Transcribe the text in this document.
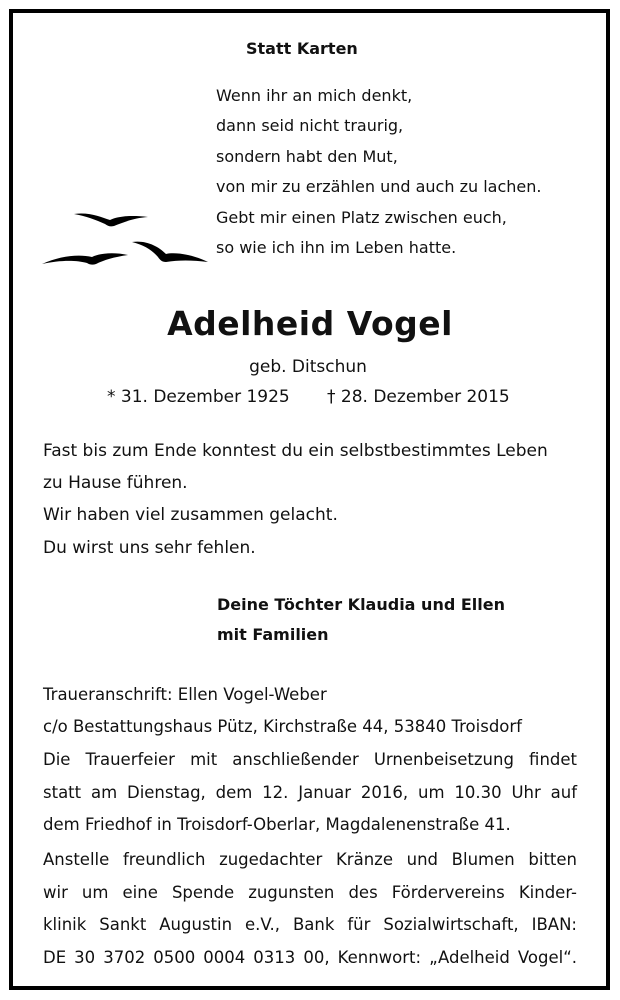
Statt Karten
Wenn ihr an mich denkt,
dann seid nicht traurig,
sondern habt den Mut,
von mir zu erzählen und auch zu lachen.
Gebt mir einen Platz zwischen euch,
so wie ich ihn im Leben hatte.
Adelheid Vogel
geb. Ditschun
* 31. Dezember 1925 † 28. Dezember 2015
Fast bis zum Ende konntest du ein selbstbestimmtes Leben
zu Hause führen.
Wir haben viel zusammen gelacht.
Du wirst uns sehr fehlen.
Deine Töchter Klaudia und Ellen
mit Familien
Traueranschrift: Ellen Vogel-Weber
c/o Bestattungshaus Pütz, Kirchstraße 44, 53840 Troisdorf
Die Trauerfeier mit anschließender Urnenbeisetzung findet
statt am Dienstag, dem 12. Januar 2016, um 10.30 Uhr auf
dem Friedhof in Troisdorf-Oberlar, Magdalenenstraße 41.
Anstelle freundlich zugedachter Kränze und Blumen bitten
wir um eine Spende zugunsten des Fördervereins Kinder-
klinik Sankt Augustin e.V., Bank für Sozialwirtschaft, IBAN:
DE 30 3702 0500 0004 0313 00, Kennwort: „Adelheid Vogel“.
